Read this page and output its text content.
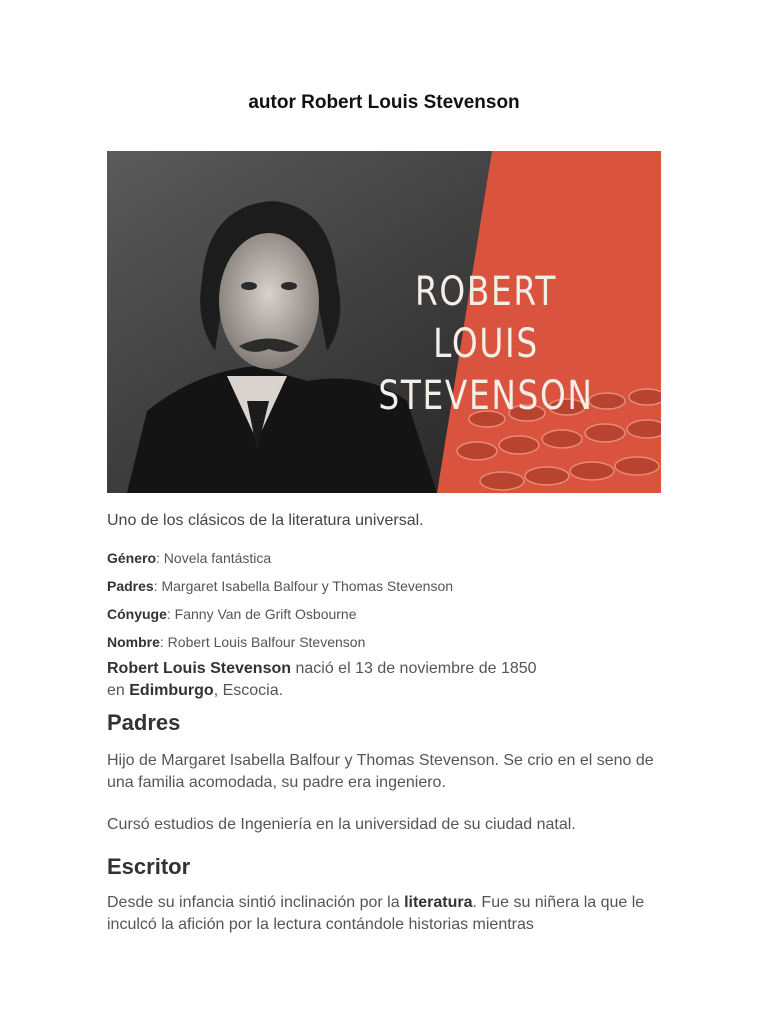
autor Robert Louis Stevenson
ROBERT LOUIS
STEVENSON

Uno de los clásicos de la literatura universal.

Género: Novela fantástica

Padres: Margaret Isabella Balfour y Thomas Stevenson

Cónyuge: Fanny Van de Grift Osbourne

Nombre: Robert Louis Balfour Stevenson

Robert Louis Stevenson nació el 13 de noviembre de 1850
en Edimburgo, Escocia.

Padres

Hijo de Margaret Isabella Balfour y Thomas Stevenson. Se crio en el seno de una familia acomodada, su padre era ingeniero.

Cursó estudios de Ingeniería en la universidad de su ciudad natal.

Escritor

Desde su infancia sintió inclinación por la literatura. Fue su niñera la que le inculcó la afición por la lectura contándole historias mientras
